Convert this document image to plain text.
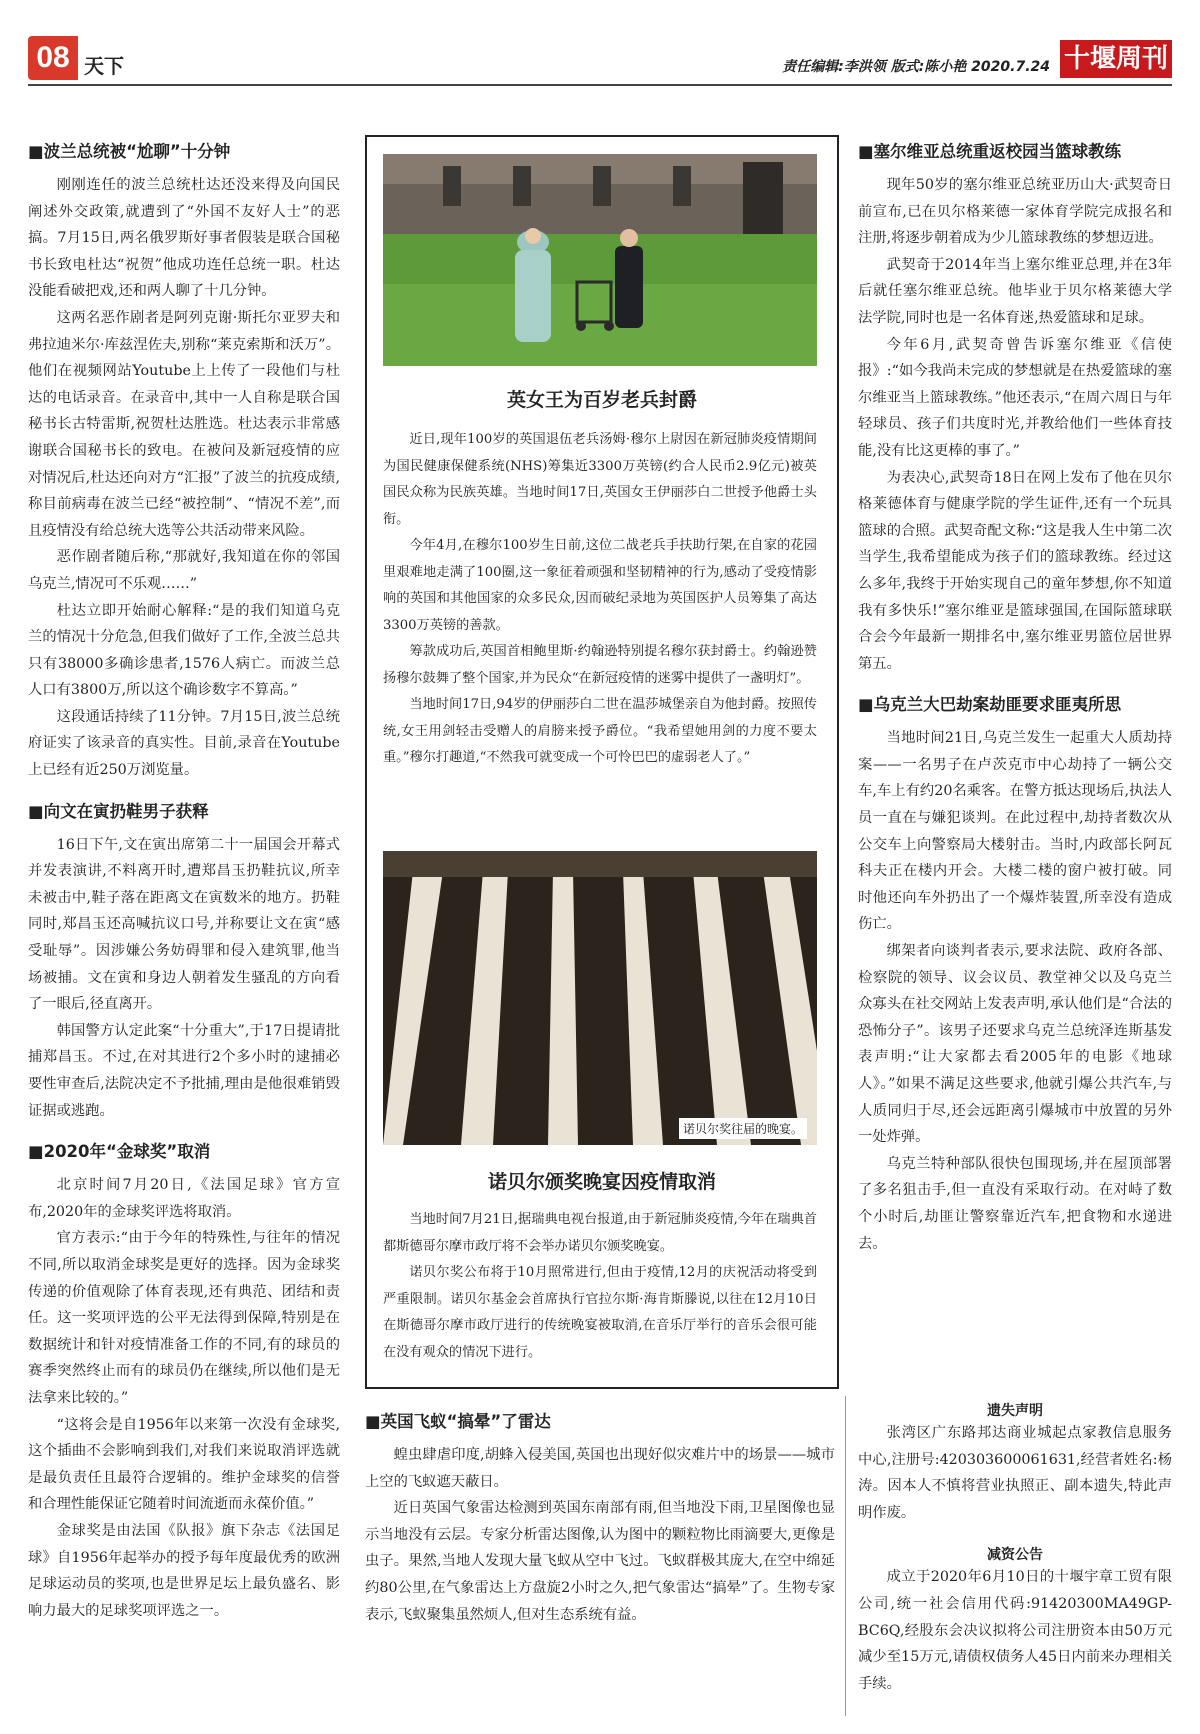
08 天下	责任编辑:李洪领 版式:陈小艳 2020.7.24 十堰周刊
■波兰总统被“尬聊”十分钟

刚刚连任的波兰总统杜达还没来得及向国民阐述外交政策,就遭到了“外国不友好人士”的恶搞。7月15日,两名俄罗斯好事者假装是联合国秘书长致电杜达“祝贺”他成功连任总统一职。杜达没能看破把戏,还和两人聊了十几分钟。

这两名恶作剧者是阿列克谢·斯托尔亚罗夫和弗拉迪米尔·库兹涅佐夫,别称“莱克索斯和沃万”。他们在视频网站Youtube上上传了一段他们与杜达的电话录音。在录音中,其中一人自称是联合国秘书长古特雷斯,祝贺杜达胜选。杜达表示非常感谢联合国秘书长的致电。在被问及新冠疫情的应对情况后,杜达还向对方“汇报”了波兰的抗疫成绩,称目前病毒在波兰已经“被控制”、“情况不差”,而且疫情没有给总统大选等公共活动带来风险。

恶作剧者随后称,“那就好,我知道在你的邻国乌克兰,情况可不乐观……”

杜达立即开始耐心解释:“是的我们知道乌克兰的情况十分危急,但我们做好了工作,全波兰总共只有38000多确诊患者,1576人病亡。而波兰总人口有3800万,所以这个确诊数字不算高。”

这段通话持续了11分钟。7月15日,波兰总统府证实了该录音的真实性。目前,录音在Youtube上已经有近250万浏览量。

■向文在寅扔鞋男子获释

16日下午,文在寅出席第二十一届国会开幕式并发表演讲,不料离开时,遭郑昌玉扔鞋抗议,所幸未被击中,鞋子落在距离文在寅数米的地方。扔鞋同时,郑昌玉还高喊抗议口号,并称要让文在寅“感受耻辱”。因涉嫌公务妨碍罪和侵入建筑罪,他当场被捕。文在寅和身边人朝着发生骚乱的方向看了一眼后,径直离开。

韩国警方认定此案“十分重大”,于17日提请批捕郑昌玉。不过,在对其进行2个多小时的逮捕必要性审查后,法院决定不予批捕,理由是他很难销毁证据或逃跑。

■2020年“金球奖”取消

北京时间7月20日,《法国足球》官方宣布,2020年的金球奖评选将取消。

官方表示:“由于今年的特殊性,与往年的情况不同,所以取消金球奖是更好的选择。因为金球奖传递的价值观除了体育表现,还有典范、团结和责任。这一奖项评选的公平无法得到保障,特别是在数据统计和针对疫情准备工作的不同,有的球员的赛季突然终止而有的球员仍在继续,所以他们是无法拿来比较的。”

“这将会是自1956年以来第一次没有金球奖,这个插曲不会影响到我们,对我们来说取消评选就是最负责任且最符合逻辑的。维护金球奖的信誉和合理性能保证它随着时间流逝而永葆价值。”

金球奖是由法国《队报》旗下杂志《法国足球》自1956年起举办的授予每年度最优秀的欧洲足球运动员的奖项,也是世界足坛上最负盛名、影响力最大的足球奖项评选之一。

英女王为百岁老兵封爵

近日,现年100岁的英国退伍老兵汤姆·穆尔上尉因在新冠肺炎疫情期间为国民健康保健系统(NHS)筹集近3300万英镑(约合人民币2.9亿元)被英国民众称为民族英雄。当地时间17日,英国女王伊丽莎白二世授予他爵士头衔。

今年4月,在穆尔100岁生日前,这位二战老兵手扶助行架,在自家的花园里艰难地走满了100圈,这一象征着顽强和坚韧精神的行为,感动了受疫情影响的英国和其他国家的众多民众,因而破纪录地为英国医护人员筹集了高达3300万英镑的善款。

筹款成功后,英国首相鲍里斯·约翰逊特别提名穆尔获封爵士。约翰逊赞扬穆尔鼓舞了整个国家,并为民众“在新冠疫情的迷雾中提供了一盏明灯”。

当地时间17日,94岁的伊丽莎白二世在温莎城堡亲自为他封爵。按照传统,女王用剑轻击受赠人的肩膀来授予爵位。“我希望她用剑的力度不要太重。”穆尔打趣道,“不然我可就变成一个可怜巴巴的虚弱老人了。”

诺贝尔奖往届的晚宴。
诺贝尔颁奖晚宴因疫情取消

当地时间7月21日,据瑞典电视台报道,由于新冠肺炎疫情,今年在瑞典首都斯德哥尔摩市政厅将不会举办诺贝尔颁奖晚宴。

诺贝尔奖公布将于10月照常进行,但由于疫情,12月的庆祝活动将受到严重限制。诺贝尔基金会首席执行官拉尔斯·海肯斯滕说,以往在12月10日在斯德哥尔摩市政厅进行的传统晚宴被取消,在音乐厅举行的音乐会很可能在没有观众的情况下进行。

■英国飞蚁“搞晕”了雷达

蝗虫肆虐印度,胡蜂入侵美国,英国也出现好似灾难片中的场景——城市上空的飞蚁遮天蔽日。

近日英国气象雷达检测到英国东南部有雨,但当地没下雨,卫星图像也显示当地没有云层。专家分析雷达图像,认为图中的颗粒物比雨滴要大,更像是虫子。果然,当地人发现大量飞蚁从空中飞过。飞蚁群极其庞大,在空中绵延约80公里,在气象雷达上方盘旋2小时之久,把气象雷达“搞晕”了。生物专家表示,飞蚁聚集虽然烦人,但对生态系统有益。

■塞尔维亚总统重返校园当篮球教练

现年50岁的塞尔维亚总统亚历山大·武契奇日前宣布,已在贝尔格莱德一家体育学院完成报名和注册,将逐步朝着成为少儿篮球教练的梦想迈进。

武契奇于2014年当上塞尔维亚总理,并在3年后就任塞尔维亚总统。他毕业于贝尔格莱德大学法学院,同时也是一名体育迷,热爱篮球和足球。

今年6月,武契奇曾告诉塞尔维亚《信使报》:“如今我尚未完成的梦想就是在热爱篮球的塞尔维亚当上篮球教练。”他还表示,“在周六周日与年轻球员、孩子们共度时光,并教给他们一些体育技能,没有比这更棒的事了。”

为表决心,武契奇18日在网上发布了他在贝尔格莱德体育与健康学院的学生证件,还有一个玩具篮球的合照。武契奇配文称:“这是我人生中第二次当学生,我希望能成为孩子们的篮球教练。经过这么多年,我终于开始实现自己的童年梦想,你不知道我有多快乐!”塞尔维亚是篮球强国,在国际篮球联合会今年最新一期排名中,塞尔维亚男篮位居世界第五。

■乌克兰大巴劫案劫匪要求匪夷所思

当地时间21日,乌克兰发生一起重大人质劫持案——一名男子在卢茨克市中心劫持了一辆公交车,车上有约20名乘客。在警方抵达现场后,执法人员一直在与嫌犯谈判。在此过程中,劫持者数次从公交车上向警察局大楼射击。当时,内政部长阿瓦科夫正在楼内开会。大楼二楼的窗户被打破。同时他还向车外扔出了一个爆炸装置,所幸没有造成伤亡。

绑架者向谈判者表示,要求法院、政府各部、检察院的领导、议会议员、教堂神父以及乌克兰众寡头在社交网站上发表声明,承认他们是“合法的恐怖分子”。该男子还要求乌克兰总统泽连斯基发表声明:“让大家都去看2005年的电影《地球人》。”如果不满足这些要求,他就引爆公共汽车,与人质同归于尽,还会远距离引爆城市中放置的另外一处炸弹。

乌克兰特种部队很快包围现场,并在屋顶部署了多名狙击手,但一直没有采取行动。在对峙了数个小时后,劫匪让警察靠近汽车,把食物和水递进去。

遗失声明

张湾区广东路邦达商业城起点家教信息服务中心,注册号:420303600061631,经营者姓名:杨涛。因本人不慎将营业执照正、副本遗失,特此声明作废。

减资公告

成立于2020年6月10日的十堰宇章工贸有限公司,统一社会信用代码:91420300MA49GP-BC6Q,经股东会决议拟将公司注册资本由50万元减少至15万元,请债权债务人45日内前来办理相关手续。
